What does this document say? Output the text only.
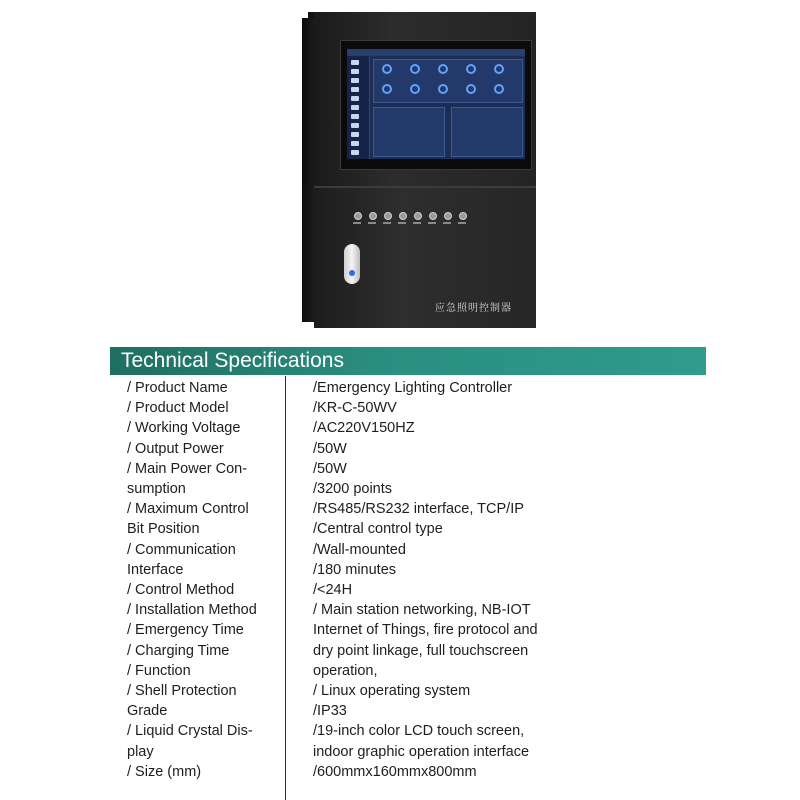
应急照明控制器
Technical Specifications
/ Product Name
/ Product Model
/ Working Voltage
/ Output Power
/ Main Power Con-
sumption
/ Maximum Control
Bit Position
/ Communication
Interface
/ Control Method
/ Installation Method
/ Emergency Time
/ Charging Time
/ Function
/ Shell Protection
Grade
/ Liquid Crystal Dis-
play
/ Size (mm)
/Emergency Lighting Controller
/KR-C-50WV
/AC220V150HZ
/50W
/50W
/3200 points
/RS485/RS232 interface, TCP/IP
/Central control type
/Wall-mounted
/180 minutes
/<24H
/ Main station networking, NB-IOT
Internet of Things, fire protocol and
dry point linkage, full touchscreen
operation,
/ Linux operating system
/IP33
/19-inch color LCD touch screen,
indoor graphic operation interface
/600mmx160mmx800mm
